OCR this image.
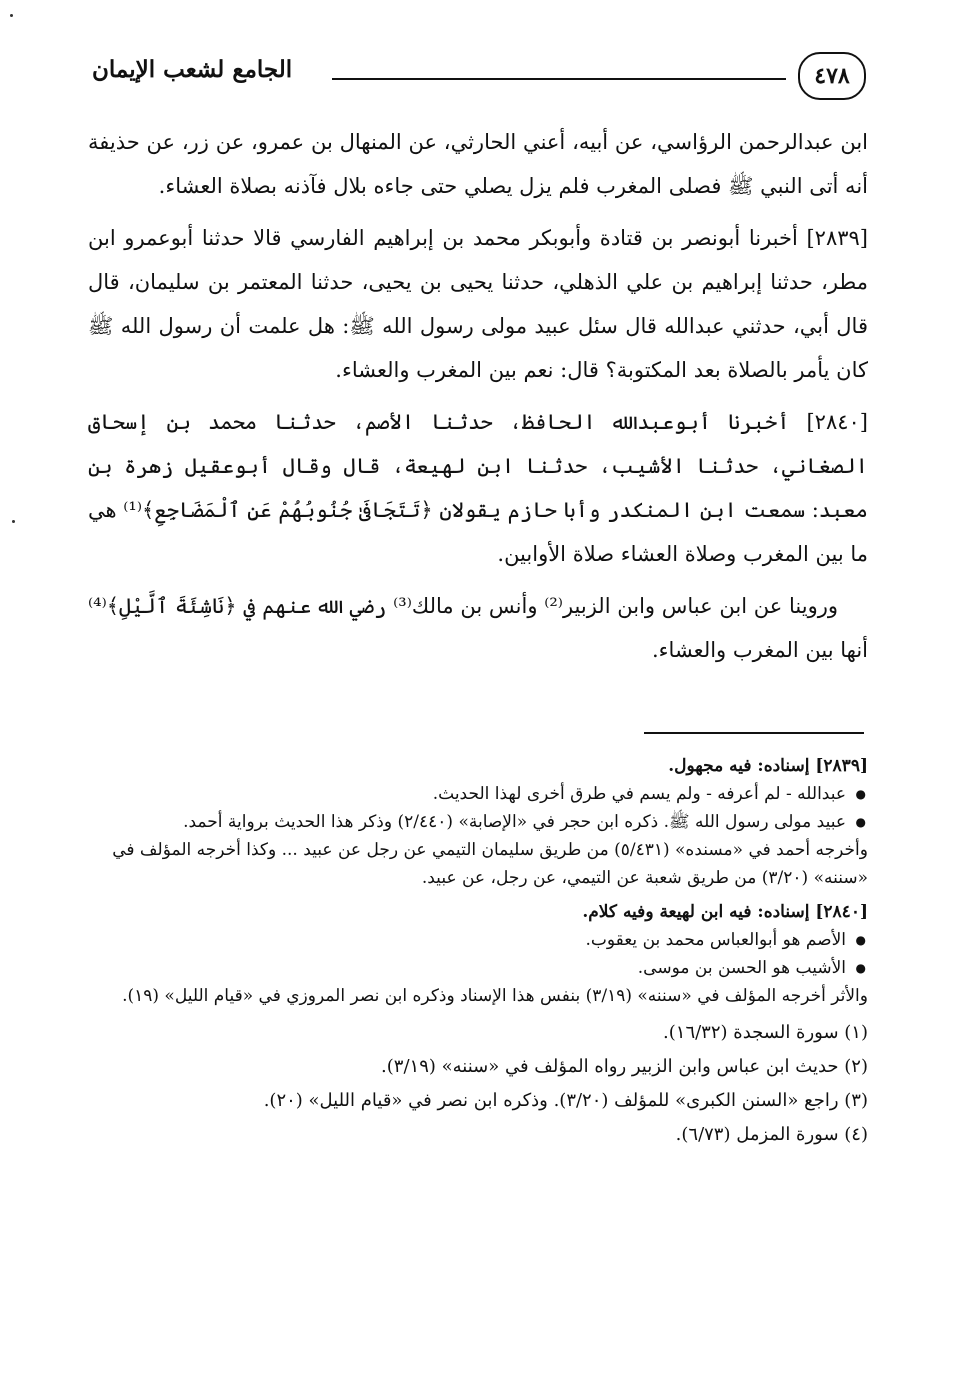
٤٧٨
الجامع لشعب الإيمان

ابن عبدالرحمن الرؤاسي، عن أبيه، أعني الحارثي، عن المنهال بن عمرو، عن زر، عن حذيفة أنه أتى النبي ﷺ فصلى المغرب فلم يزل يصلي حتى جاءه بلال فآذنه بصلاة العشاء.

[٢٨٣٩] أخبرنا أبونصر بن قتادة وأبوبكر محمد بن إبراهيم الفارسي قالا حدثنا أبوعمرو ابن مطر، حدثنا إبراهيم بن علي الذهلي، حدثنا يحيى بن يحيى، حدثنا المعتمر بن سليمان، قال قال أبي، حدثني عبدالله قال سئل عبيد مولى رسول الله ﷺ: هل علمت أن رسول الله ﷺ كان يأمر بالصلاة بعد المكتوبة؟ قال: نعم بين المغرب والعشاء.

[٢٨٤٠] أخبرنا أبوعبدالله الحافظ، حدثنا الأصم، حدثنا محمد بن إسحاق الصغاني، حدثنا الأشيب، حدثنا ابن لهيعة، قال وقال أبوعقيل زهرة بن معبد: سمعت ابن المنكدر وأبا حازم يقولان ﴿تَتَجَافَىٰ جُنُوبُهُمْ عَنِ ٱلْمَضَاجِعِ﴾⁽¹⁾ هي ما بين المغرب وصلاة العشاء صلاة الأوابين.

وروينا عن ابن عباس وابن الزبير⁽²⁾ وأنس بن مالك⁽³⁾ رضي الله عنهم في ﴿نَاشِئَةَ ٱلَّيْلِ﴾⁽⁴⁾ أنها بين المغرب والعشاء.

[٢٨٣٩] إسناده: فيه مجهول.
● عبدالله - لم أعرفه - ولم يسم في طرق أخرى لهذا الحديث.
● عبيد مولى رسول الله ﷺ. ذكره ابن حجر في «الإصابة» (٢/٤٤٠) وذكر هذا الحديث برواية أحمد.
وأخرجه أحمد في «مسنده» (٥/٤٣١) من طريق سليمان التيمي عن رجل عن عبيد ... وكذا أخرجه المؤلف في «سننه» (٣/٢٠) من طريق شعبة عن التيمي، عن رجل، عن عبيد.
[٢٨٤٠] إسناده: فيه ابن لهيعة وفيه كلام.
● الأصم هو أبوالعباس محمد بن يعقوب.
● الأشيب هو الحسن بن موسى.
والأثر أخرجه المؤلف في «سننه» (٣/١٩) بنفس هذا الإسناد وذكره ابن نصر المروزي في «قيام الليل» (١٩).
(١) سورة السجدة (١٦/٣٢).
(٢) حديث ابن عباس وابن الزبير رواه المؤلف في «سننه» (٣/١٩).
(٣) راجع «السنن الكبرى» للمؤلف (٣/٢٠). وذكره ابن نصر في «قيام الليل» (٢٠).
(٤) سورة المزمل (٦/٧٣).
